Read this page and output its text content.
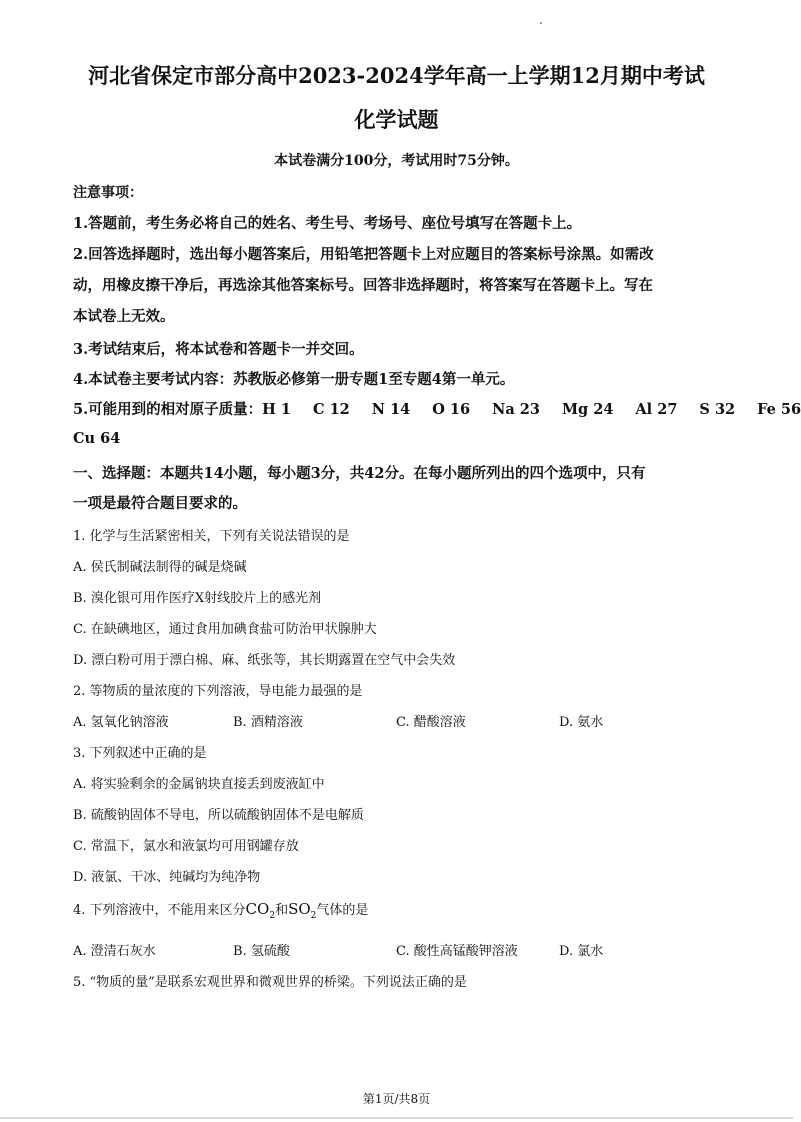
河北省保定市部分高中2023-2024学年高一上学期12月期中考试
化学试题
本试卷满分100分，考试用时75分钟。
注意事项：
1.答题前，考生务必将自己的姓名、考生号、考场号、座位号填写在答题卡上。
2.回答选择题时，选出每小题答案后，用铅笔把答题卡上对应题目的答案标号涂黑。如需改
动，用橡皮擦干净后，再选涂其他答案标号。回答非选择题时，将答案写在答题卡上。写在
本试卷上无效。
3.考试结束后，将本试卷和答题卡一并交回。
4.本试卷主要考试内容：苏教版必修第一册专题1至专题4第一单元。
5.可能用到的相对原子质量：H 1 C 12 N 14 O 16 Na 23 Mg 24 Al 27 S 32 Fe 56
Cu 64
一、选择题：本题共14小题，每小题3分，共42分。在每小题所列出的四个选项中，只有
一项是最符合题目要求的。
1. 化学与生活紧密相关，下列有关说法错误的是
A. 侯氏制碱法制得的碱是烧碱
B. 溴化银可用作医疗X射线胶片上的感光剂
C. 在缺碘地区，通过食用加碘食盐可防治甲状腺肿大
D. 漂白粉可用于漂白棉、麻、纸张等，其长期露置在空气中会失效
2. 等物质的量浓度的下列溶液，导电能力最强的是
A. 氢氧化钠溶液	B. 酒精溶液	C. 醋酸溶液	D. 氨水
3. 下列叙述中正确的是
A. 将实验剩余的金属钠块直接丢到废液缸中
B. 硫酸钠固体不导电，所以硫酸钠固体不是电解质
C. 常温下，氯水和液氯均可用钢罐存放
D. 液氯、干冰、纯碱均为纯净物
4. 下列溶液中，不能用来区分$CO_2$和$SO_2$气体的是
A. 澄清石灰水	B. 氢硫酸	C. 酸性高锰酸钾溶液	D. 氯水
5. “物质的量”是联系宏观世界和微观世界的桥梁。下列说法正确的是
第1页/共8页
